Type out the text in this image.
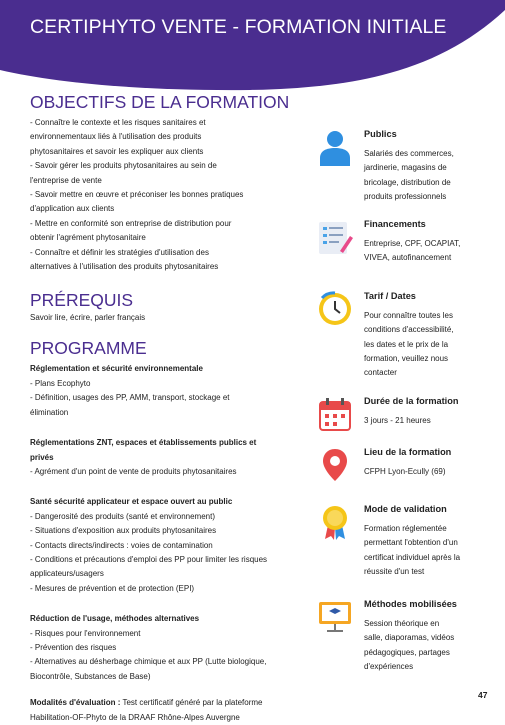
CERTIPHYTO VENTE - FORMATION INITIALE
OBJECTIFS DE LA FORMATION
- Connaître le contexte et les risques sanitaires et
environnementaux liés à l'utilisation des produits
phytosanitaires et savoir les expliquer aux clients
- Savoir gérer les produits phytosanitaires au sein de
l'entreprise de vente
- Savoir mettre en œuvre et préconiser les bonnes pratiques
d'application aux clients
- Mettre en conformité son entreprise de distribution pour
obtenir l'agrément phytosanitaire
- Connaître et définir les stratégies d'utilisation des
alternatives à l'utilisation des produits phytosanitaires
PRÉREQUIS
Savoir lire, écrire, parler français
PROGRAMME
Réglementation et sécurité environnementale
- Plans Ecophyto
- Définition, usages des PP, AMM, transport, stockage et
élimination
Réglementations ZNT, espaces et établissements publics et
privés
- Agrément d'un point de vente de produits phytosanitaires
Santé sécurité applicateur et espace ouvert au public
- Dangerosité des produits (santé et environnement)
- Situations d'exposition aux produits phytosanitaires
- Contacts directs/indirects : voies de contamination
- Conditions et précautions d'emploi des PP pour limiter les risques
applicateurs/usagers
- Mesures de prévention et de protection (EPI)
Réduction de l'usage, méthodes alternatives
- Risques pour l'environnement
- Prévention des risques
- Alternatives au désherbage chimique et aux PP (Lutte biologique,
Biocontrôle, Substances de Base)
Modalités d'évaluation : Test certificatif généré par la plateforme
Habilitation-OF-Phyto de la DRAAF Rhône-Alpes Auvergne
Publics
Salariés des commerces,
jardinerie, magasins de
bricolage, distribution de
produits professionnels
Financements
Entreprise, CPF, OCAPIAT,
VIVEA, autofinancement
Tarif / Dates
Pour connaître toutes les
conditions d'accessibilité,
les dates et le prix de la
formation, veuillez nous
contacter
Durée de la formation
3 jours - 21 heures
Lieu de la formation
CFPH Lyon-Ecully (69)
Mode de validation
Formation réglementée
permettant l'obtention d'un
certificat individuel après la
réussite d'un test
Méthodes mobilisées
Session théorique en
salle, diaporamas, vidéos
pédagogiques, partages
d'expériences
47
